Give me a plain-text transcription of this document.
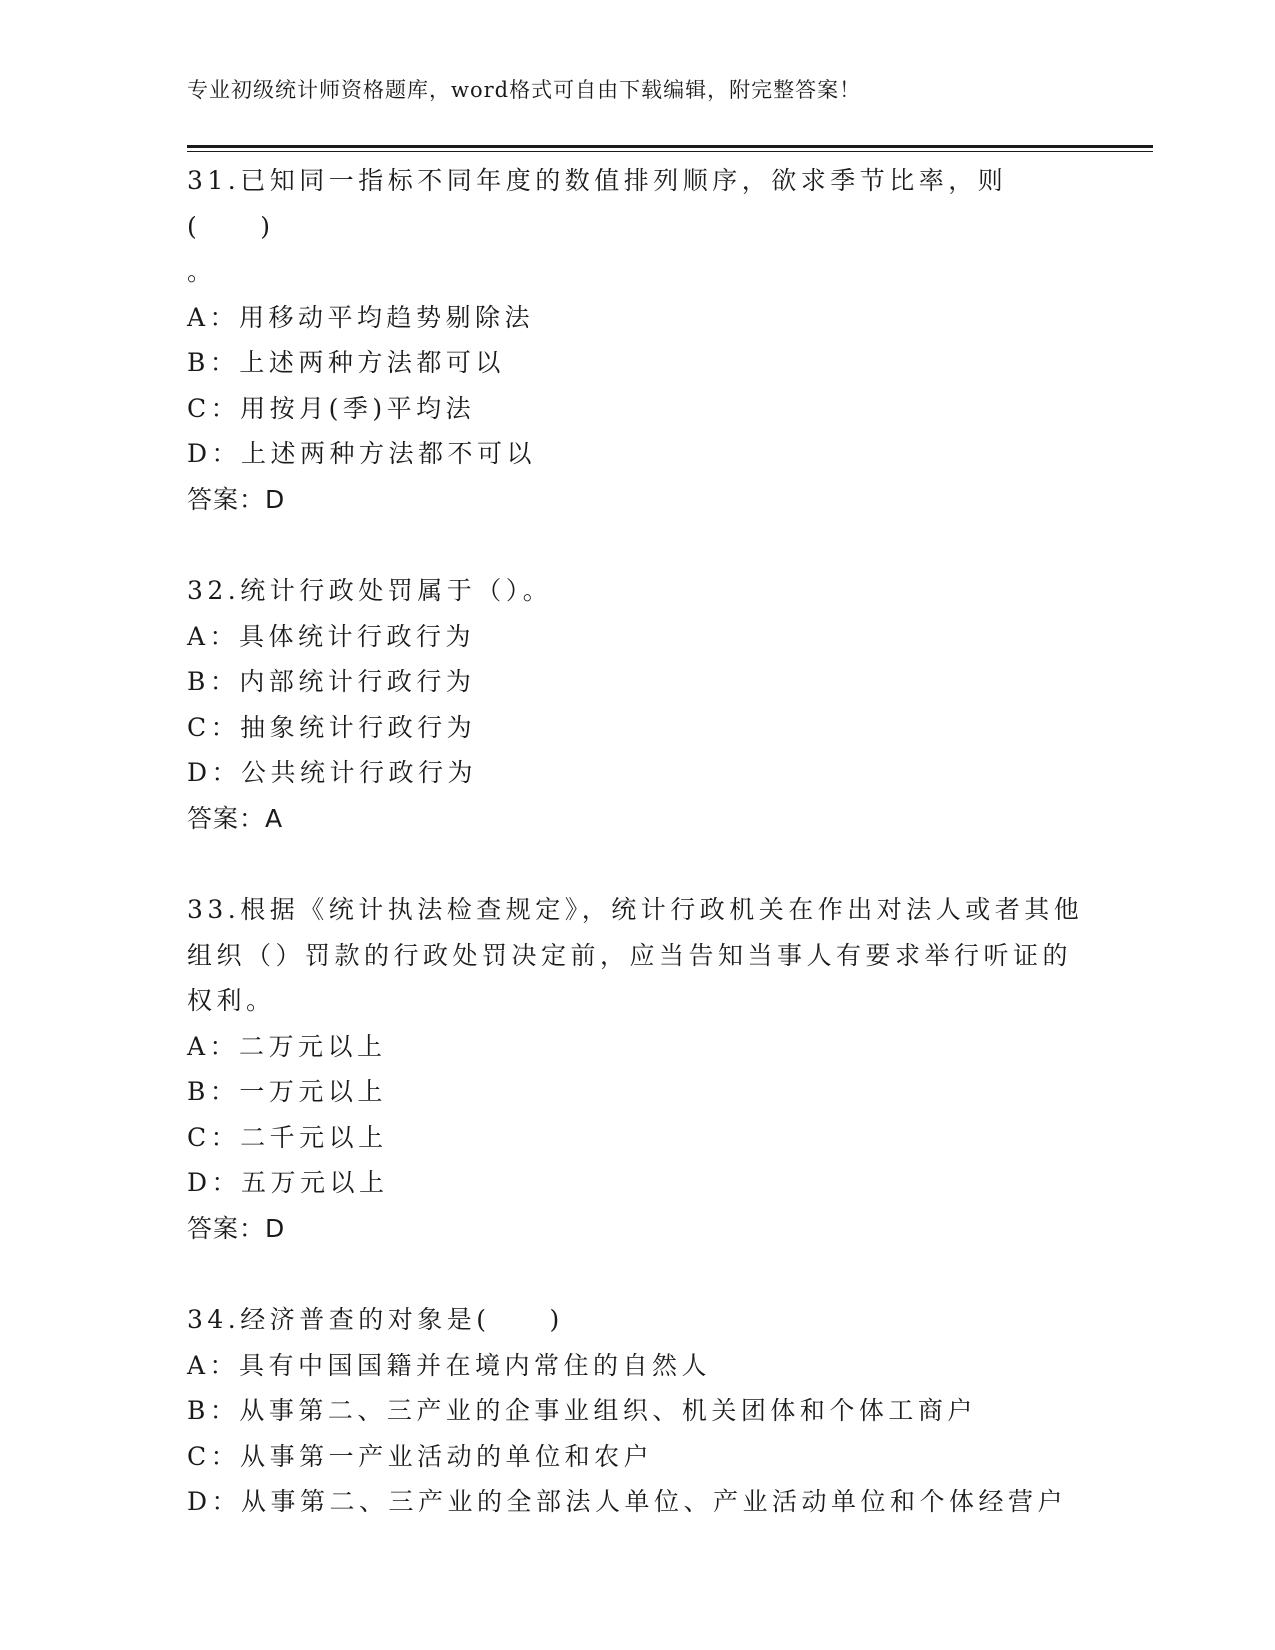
专业初级统计师资格题库，word格式可自由下载编辑，附完整答案！
31.已知同一指标不同年度的数值排列顺序，欲求季节比率，则(　　)
。
A：用移动平均趋势剔除法
B：上述两种方法都可以
C：用按月(季)平均法
D：上述两种方法都不可以
答案：D
32.统计行政处罚属于（）。
A：具体统计行政行为
B：内部统计行政行为
C：抽象统计行政行为
D：公共统计行政行为
答案：A
33.根据《统计执法检查规定》，统计行政机关在作出对法人或者其他
组织（）罚款的行政处罚决定前，应当告知当事人有要求举行听证的
权利。
A：二万元以上
B：一万元以上
C：二千元以上
D：五万元以上
答案：D
34.经济普查的对象是(　　)
A：具有中国国籍并在境内常住的自然人
B：从事第二、三产业的企事业组织、机关团体和个体工商户
C：从事第一产业活动的单位和农户
D：从事第二、三产业的全部法人单位、产业活动单位和个体经营户
